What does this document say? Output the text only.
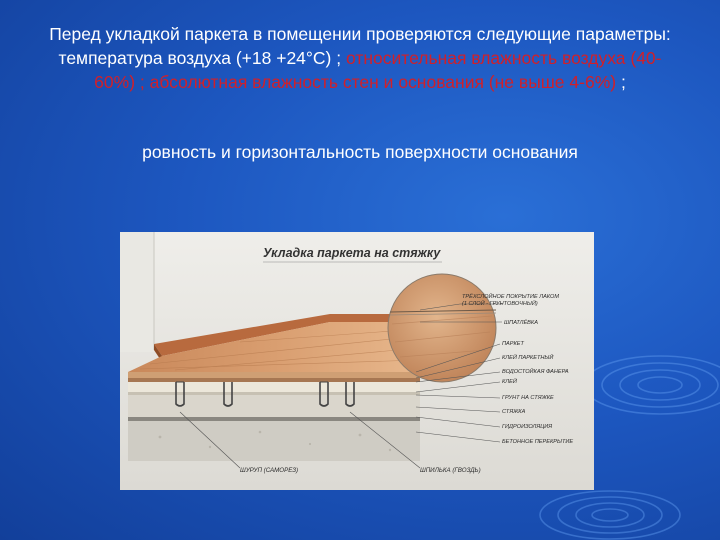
Перед укладкой паркета в помещении проверяются следующие параметры: температура воздуха (+18 +24°С) ; относительная влажность воздуха (40-60%) ; абсолютная влажность стен и основания (не выше 4-6%) ;

ровность и горизонтальность поверхности основания

Укладка паркета на стяжку
ТРЁХСЛОЙНОЕ ПОКРЫТИЕ ЛАКОМ
(1 СЛОЙ - ГРУНТОВОЧНЫЙ)
ШПАТЛЁВКА
ПАРКЕТ
КЛЕЙ ПАРКЕТНЫЙ
ВОДОСТОЙКАЯ ФАНЕРА
КЛЕЙ
ГРУНТ НА СТЯЖКЕ
СТЯЖКА
ГИДРОИЗОЛЯЦИЯ
БЕТОННОЕ ПЕРЕКРЫТИЕ
ШУРУП (САМОРЕЗ)	ШПИЛЬКА (ГВОЗДЬ)
